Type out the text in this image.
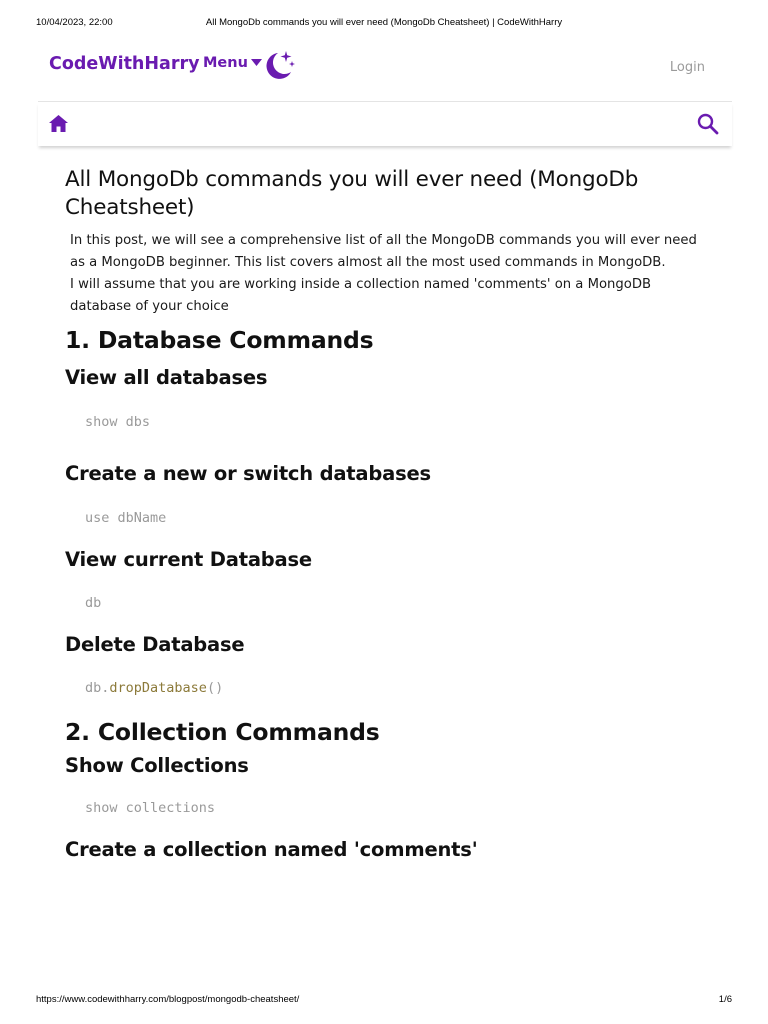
10/04/2023, 22:00	All MongoDb commands you will ever need (MongoDb Cheatsheet) | CodeWithHarry
CodeWithHarry Menu	Login
All MongoDb commands you will ever need (MongoDb Cheatsheet)

In this post, we will see a comprehensive list of all the MongoDB commands you will ever need as a MongoDB beginner. This list covers almost all the most used commands in MongoDB.

I will assume that you are working inside a collection named 'comments' on a MongoDB database of your choice

1. Database Commands
View all databases
show dbs
Create a new or switch databases
use dbName
View current Database
db
Delete Database
db.dropDatabase()
2. Collection Commands
Show Collections
show collections
Create a collection named 'comments'
https://www.codewithharry.com/blogpost/mongodb-cheatsheet/	1/6
